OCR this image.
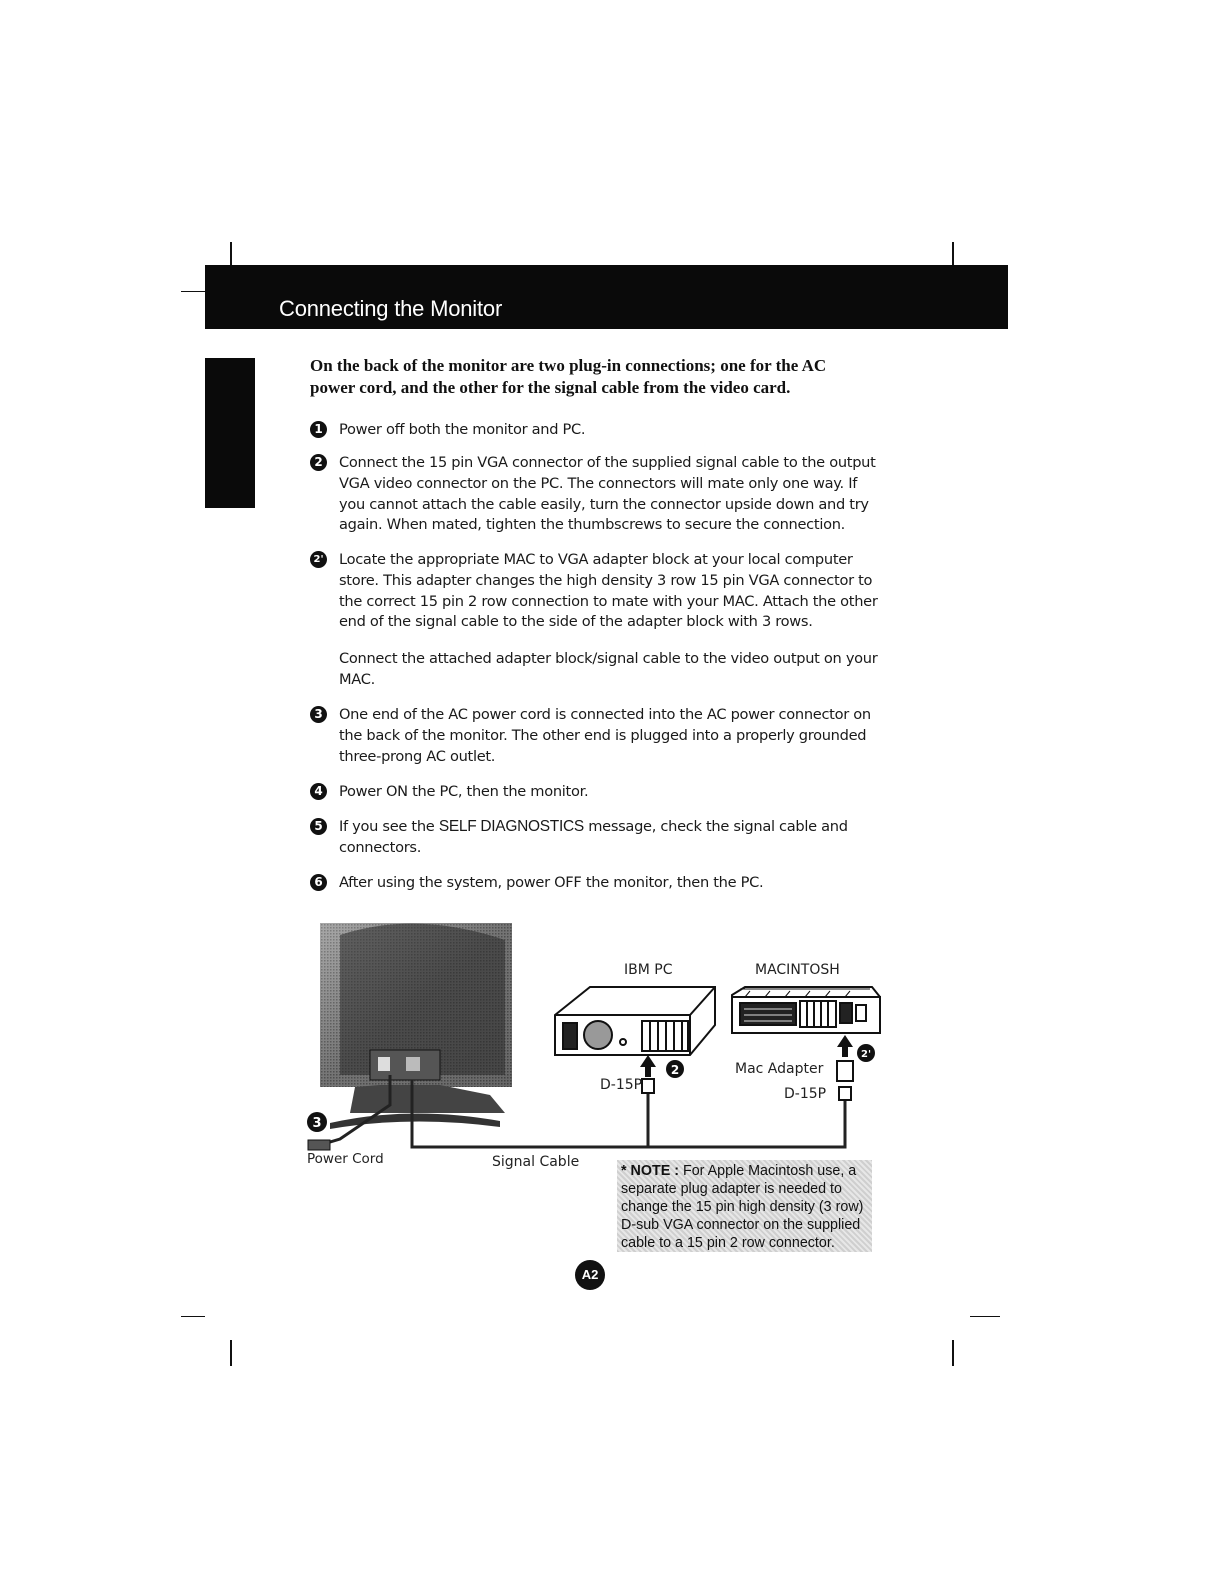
Connecting the Monitor
On the back of the monitor are two plug-in connections; one for the AC power cord, and the other for the signal cable from the video card.
1 Power off both the monitor and PC.
2 Connect the 15 pin VGA connector of the supplied signal cable to the output VGA video connector on the PC. The connectors will mate only one way. If you cannot attach the cable easily, turn the connector upside down and try again. When mated, tighten the thumbscrews to secure the connection.
2' Locate the appropriate MAC to VGA adapter block at your local computer store. This adapter changes the high density 3 row 15 pin VGA connector to the correct 15 pin 2 row connection to mate with your MAC. Attach the other end of the signal cable to the side of the adapter block with 3 rows.
Connect the attached adapter block/signal cable to the video output on your MAC.
3 One end of the AC power cord is connected into the AC power connector on the back of the monitor. The other end is plugged into a properly grounded three-prong AC outlet.
4 Power ON the PC, then the monitor.
5 If you see the SELF DIAGNOSTICS message, check the signal cable and connectors.
6 After using the system, power OFF the monitor, then the PC.
3
2
2'
IBM PC	MACINTOSH
D-15P
Mac Adapter
D-15P
Power Cord	Signal Cable
* NOTE : For Apple Macintosh use, a separate plug adapter is needed to change the 15 pin high density (3 row) D-sub VGA connector on the supplied cable to a 15 pin 2 row connector.
A2
